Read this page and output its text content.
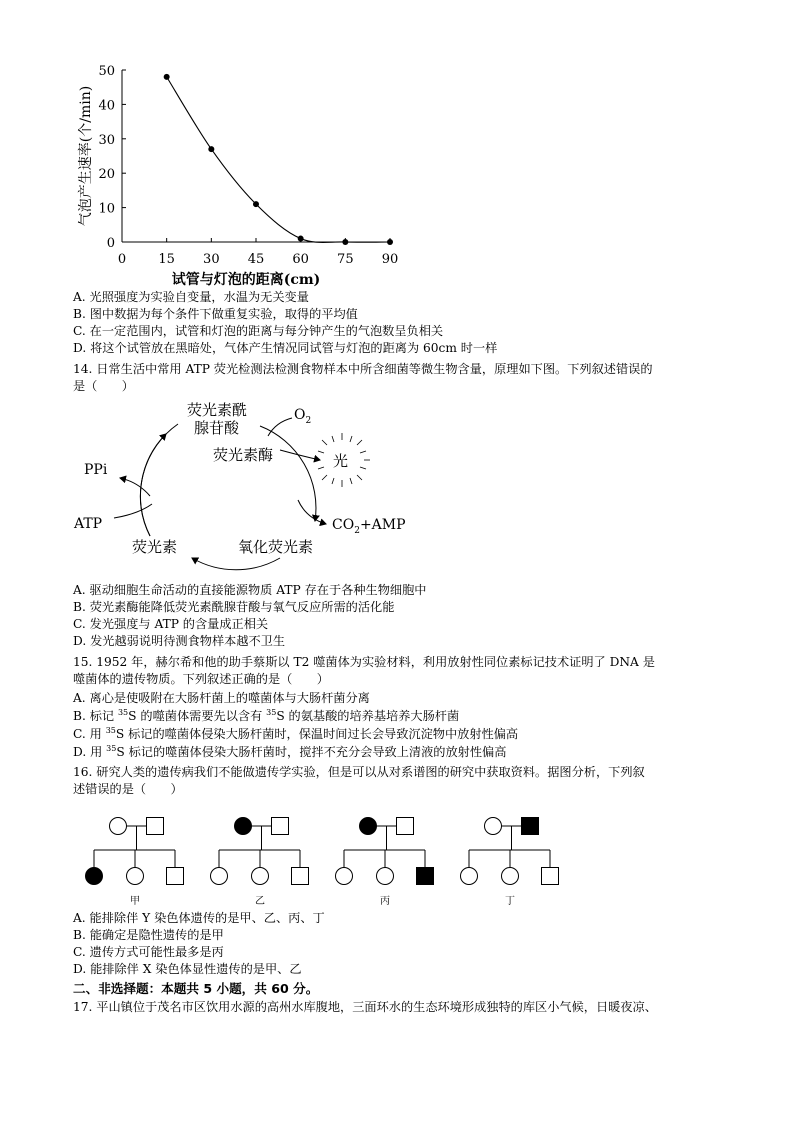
0 15 30 45 60 75 90
0
10
20
30
40
50
试管与灯泡的距离(cm)
气泡产生速率(个/min)
A. 光照强度为实验自变量，水温为无关变量
B. 图中数据为每个条件下做重复实验，取得的平均值
C. 在一定范围内，试管和灯泡的距离与每分钟产生的气泡数呈负相关
D. 将这个试管放在黑暗处，气体产生情况同试管与灯泡的距离为 60cm 时一样
14. 日常生活中常用 ATP 荧光检测法检测食物样本中所含细菌等微生物含量，原理如下图。下列叙述错误的
是（　　）
荧光素酰
腺苷酸
荧光素酶
$O_2$
光
PPi
ATP
荧光素	氧化荧光素
$CO_2+AMP$
A. 驱动细胞生命活动的直接能源物质 ATP 存在于各种生物细胞中
B. 荧光素酶能降低荧光素酰腺苷酸与氧气反应所需的活化能
C. 发光强度与 ATP 的含量成正相关
D. 发光越弱说明待测食物样本越不卫生
15. 1952 年，赫尔希和他的助手蔡斯以 T2 噬菌体为实验材料，利用放射性同位素标记技术证明了 DNA 是
噬菌体的遗传物质。下列叙述正确的是（　　）
A. 离心是使吸附在大肠杆菌上的噬菌体与大肠杆菌分离
B. 标记 $^{35}$S 的噬菌体需要先以含有 $^{35}$S 的氨基酸的培养基培养大肠杆菌
C. 用 $^{35}$S 标记的噬菌体侵染大肠杆菌时，保温时间过长会导致沉淀物中放射性偏高
D. 用 $^{35}$S 标记的噬菌体侵染大肠杆菌时，搅拌不充分会导致上清液的放射性偏高
16. 研究人类的遗传病我们不能做遗传学实验，但是可以从对系谱图的研究中获取资料。据图分析，下列叙
述错误的是（　　）
甲	乙	丙	丁
A. 能排除伴 Y 染色体遗传的是甲、乙、丙、丁
B. 能确定是隐性遗传的是甲
C. 遗传方式可能性最多是丙
D. 能排除伴 X 染色体显性遗传的是甲、乙
二、非选择题：本题共 5 小题，共 60 分。
17. 平山镇位于茂名市区饮用水源的高州水库腹地，三面环水的生态环境形成独特的库区小气候，日暖夜凉、
